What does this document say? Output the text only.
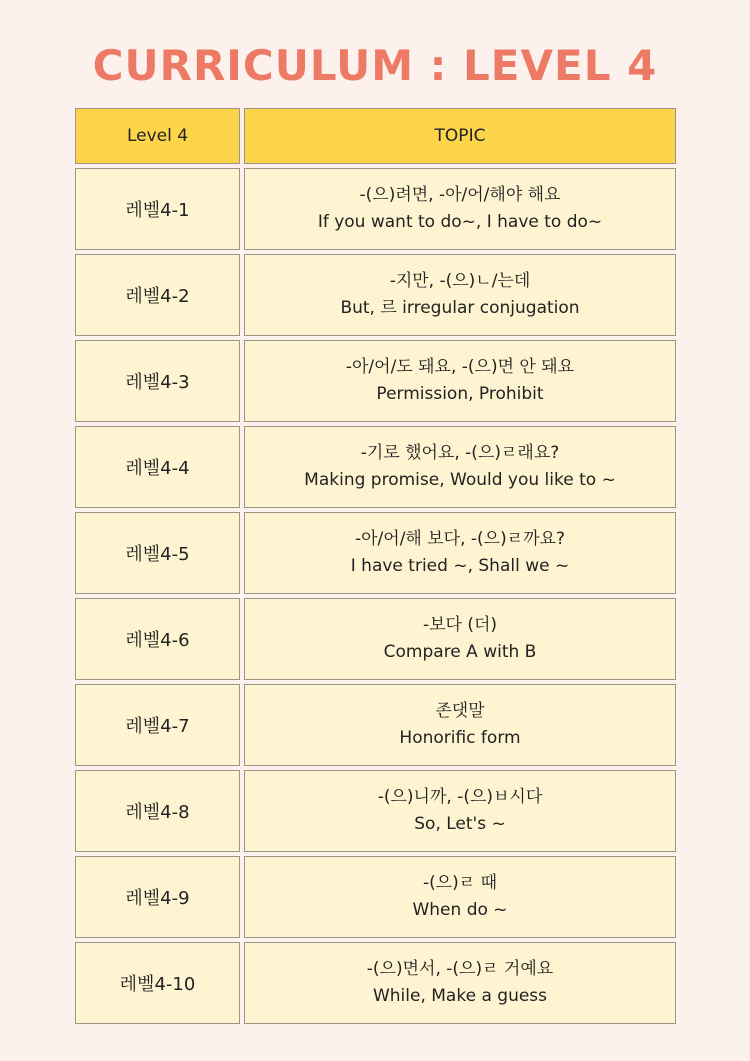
CURRICULUM : LEVEL 4
Level 4	TOPIC
레벨4-1
-(으)려면, -아/어/해야 해요
If you want to do~, I have to do~
레벨4-2
-지만, -(으)ㄴ/는데
But, 르 irregular conjugation
레벨4-3
-아/어/도 돼요, -(으)면 안 돼요
Permission, Prohibit
레벨4-4
-기로 했어요, -(으)ㄹ래요?
Making promise, Would you like to ~
레벨4-5
-아/어/해 보다, -(으)ㄹ까요?
I have tried ~, Shall we ~
레벨4-6
-보다 (더)
Compare A with B
레벨4-7
존댓말
Honorific form
레벨4-8
-(으)니까, -(으)ㅂ시다
So, Let's ~
레벨4-9
-(으)ㄹ 때
When do ~
레벨4-10
-(으)면서, -(으)ㄹ 거예요
While, Make a guess
